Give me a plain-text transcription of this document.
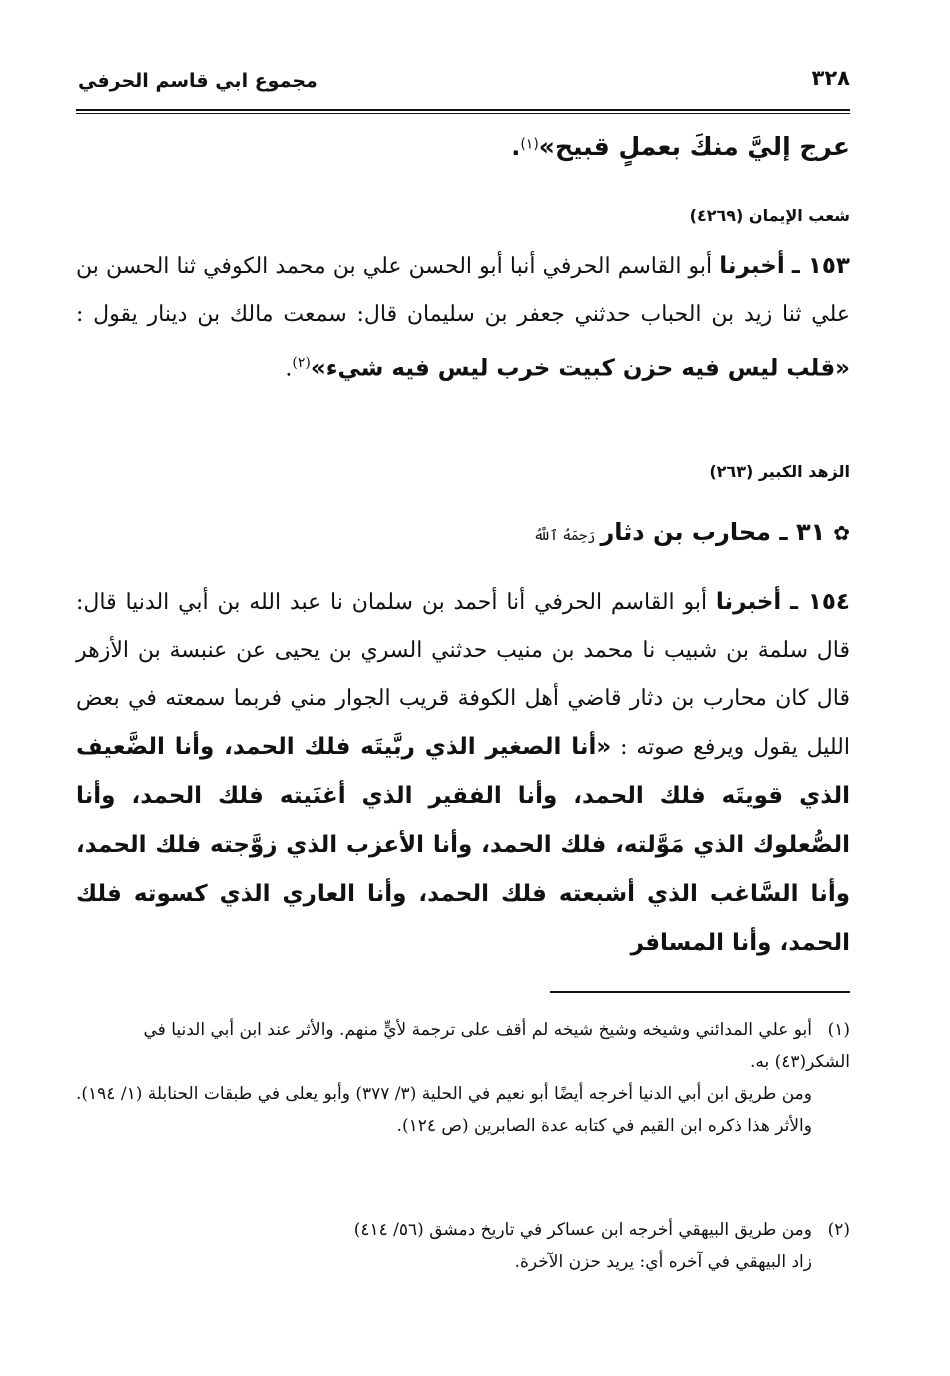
٣٢٨
مجموع ابي قاسم الحرفي
عرج إليَّ منكَ بعملٍ قبيح»(١).
شعب الإيمان (٤٢٦٩)
١٥٣ ـ أخبرنا أبو القاسم الحرفي أنبا أبو الحسن علي بن محمد الكوفي ثنا الحسن بن علي ثنا زيد بن الحباب حدثني جعفر بن سليمان قال: سمعت مالك بن دينار يقول : «قلب ليس فيه حزن كبيت خرب ليس فيه شيء»$^{(٢)}$.
الزهد الكبير (٢٦٣)
✿٣١ ـ محارب بن دثار رَحِمَهُ ٱللَّهُ
١٥٤ ـ أخبرنا أبو القاسم الحرفي أنا أحمد بن سلمان نا عبد الله بن أبي الدنيا قال: قال سلمة بن شبيب نا محمد بن منيب حدثني السري بن يحيى عن عنبسة بن الأزهر قال كان محارب بن دثار قاضي أهل الكوفة قريب الجوار مني فربما سمعته في بعض الليل يقول ويرفع صوته : «أنا الصغير الذي ربَّيتَه فلك الحمد، وأنا الضَّعيف الذي قويتَه فلك الحمد، وأنا الفقير الذي أغنَيته فلك الحمد، وأنا الصُّعلوك الذي مَوَّلته، فلك الحمد، وأنا الأعزب الذي زوَّجته فلك الحمد، وأنا السَّاغب الذي أشبعته فلك الحمد، وأنا العاري الذي كسوته فلك الحمد، وأنا المسافر
(١)أبو علي المدائني وشيخه وشيخ شيخه لم أقف على ترجمة لأيٍّ منهم. والأثر عند ابن أبي الدنيا في الشكر(٤٣) به.
ومن طريق ابن أبي الدنيا أخرجه أيضًا أبو نعيم في الحلية (٣/ ٣٧٧) وأبو يعلى في طبقات الحنابلة (١/ ١٩٤). والأثر هذا ذكره ابن القيم في كتابه عدة الصابرين (ص ١٢٤).
(٢)ومن طريق البيهقي أخرجه ابن عساكر في تاريخ دمشق (٥٦/ ٤١٤)
زاد البيهقي في آخره أي: يريد حزن الآخرة.
